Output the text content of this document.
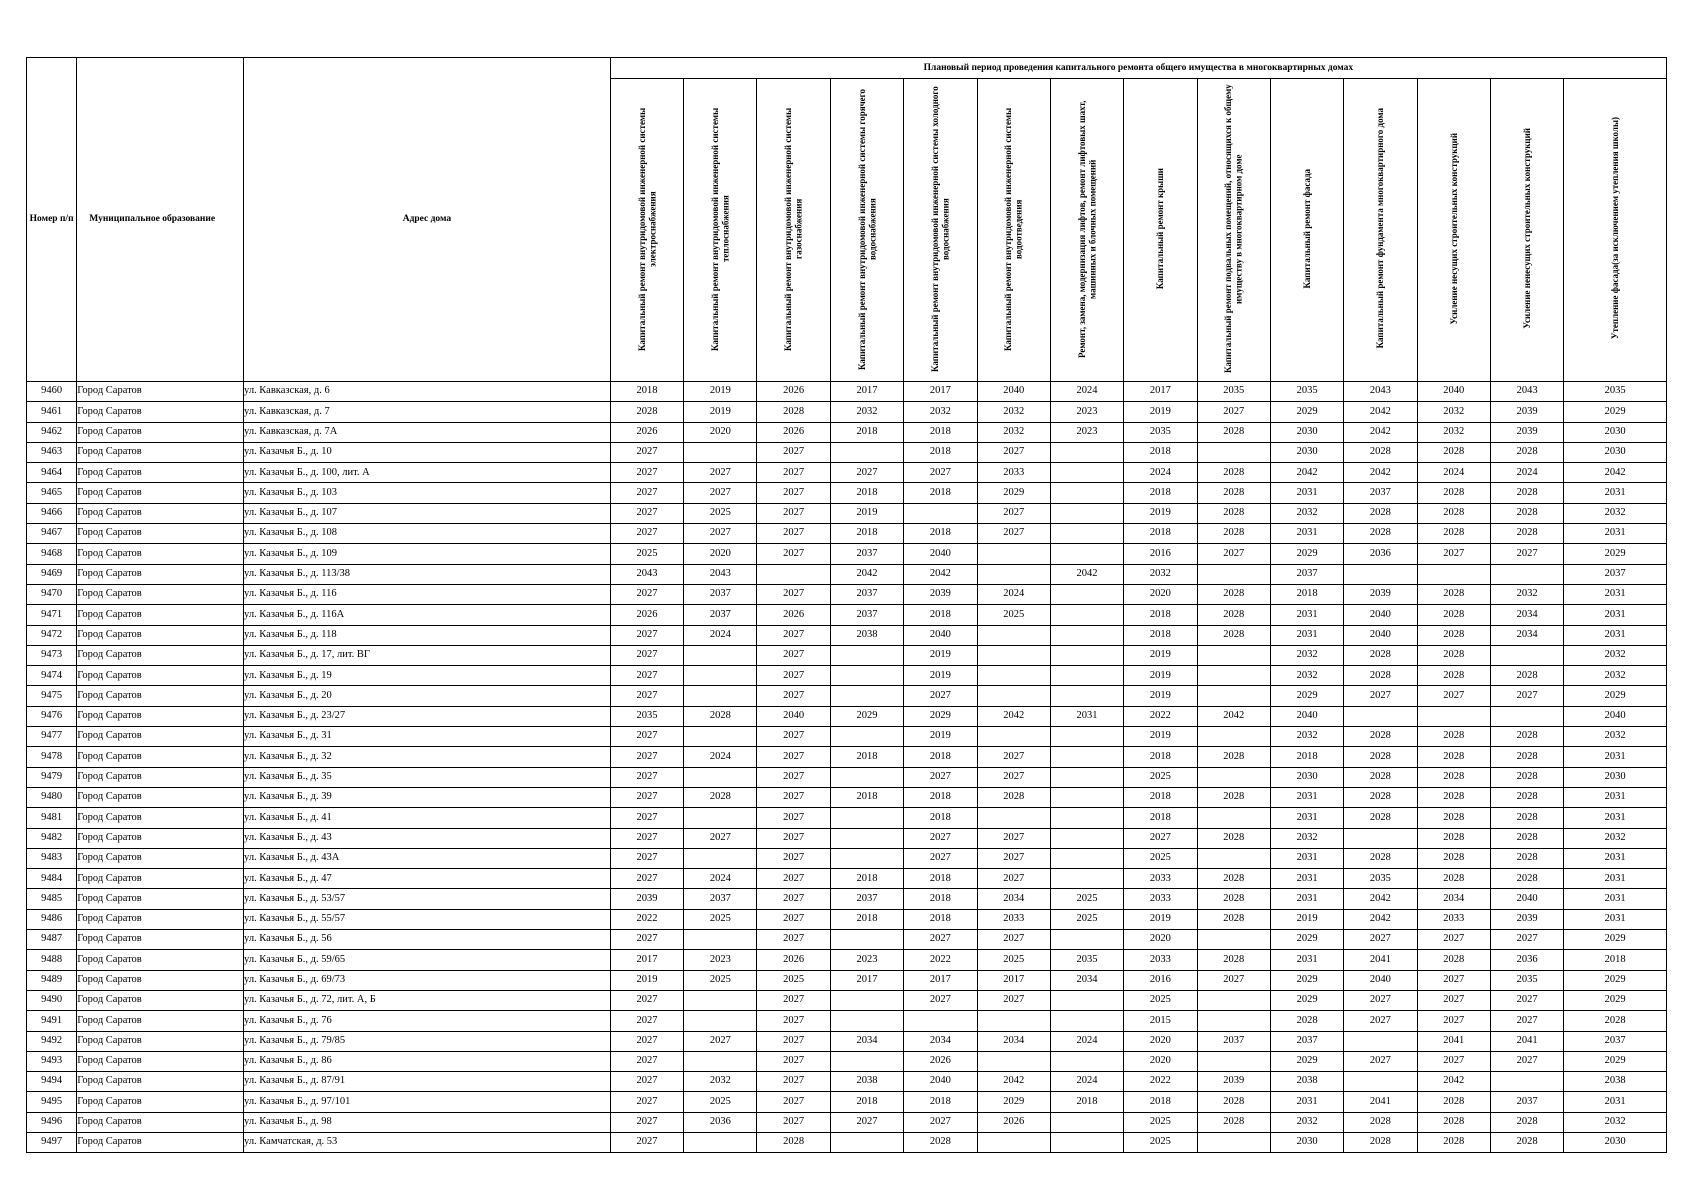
Номер п/п	Муниципальное образование	Адрес дома	Плановый период проведения капитального ремонта общего имущества в многоквартирных домах													
			Капитальный ремонт внутридомовой инженерной системы электроснабжения	Капитальный ремонт внутридомовой инженерной системы теплоснабжения	Капитальный ремонт внутридомовой инженерной системы газоснабжения	Капитальный ремонт внутридомовой инженерной системы горячего водоснабжения	Капитальный ремонт внутридомовой инженерной системы холодного водоснабжения	Капитальный ремонт внутридомовой инженерной системы водоотведения	Ремонт, замена, модернизация лифтов, ремонт лифтовых шахт, машинных и блочных помещений	Капитальный ремонт крыши	Капитальный ремонт подвальных помещений, относящихся к общему имуществу в многоквартирном доме	Капитальный ремонт фасада	Капитальный ремонт фундамента многоквартирного дома	Усиление несущих строительных конструкций	Усиление ненесущих строительных конструкций	Утепление фасада(за исключением утепления школы)
9460	Город Саратов	ул. Кавказская, д. 6	2018	2019	2026	2017	2017	2040	2024	2017	2035	2035	2043	2040	2043	2035
9461	Город Саратов	ул. Кавказская, д. 7	2028	2019	2028	2032	2032	2032	2023	2019	2027	2029	2042	2032	2039	2029
9462	Город Саратов	ул. Кавказская, д. 7А	2026	2020	2026	2018	2018	2032	2023	2035	2028	2030	2042	2032	2039	2030
9463	Город Саратов	ул. Казачья Б., д. 10	2027		2027		2018	2027		2018		2030	2028	2028	2028	2030
9464	Город Саратов	ул. Казачья Б., д. 100, лит. А	2027	2027	2027	2027	2027	2033		2024	2028	2042	2042	2024	2024	2042
9465	Город Саратов	ул. Казачья Б., д. 103	2027	2027	2027	2018	2018	2029		2018	2028	2031	2037	2028	2028	2031
9466	Город Саратов	ул. Казачья Б., д. 107	2027	2025	2027	2019		2027		2019	2028	2032	2028	2028	2028	2032
9467	Город Саратов	ул. Казачья Б., д. 108	2027	2027	2027	2018	2018	2027		2018	2028	2031	2028	2028	2028	2031
9468	Город Саратов	ул. Казачья Б., д. 109	2025	2020	2027	2037	2040			2016	2027	2029	2036	2027	2027	2029
9469	Город Саратов	ул. Казачья Б., д. 113/38	2043	2043		2042	2042		2042	2032		2037				2037
9470	Город Саратов	ул. Казачья Б., д. 116	2027	2037	2027	2037	2039	2024		2020	2028	2018	2039	2028	2032	2031
9471	Город Саратов	ул. Казачья Б., д. 116А	2026	2037	2026	2037	2018	2025		2018	2028	2031	2040	2028	2034	2031
9472	Город Саратов	ул. Казачья Б., д. 118	2027	2024	2027	2038	2040			2018	2028	2031	2040	2028	2034	2031
9473	Город Саратов	ул. Казачья Б., д. 17, лит. ВГ	2027		2027		2019			2019		2032	2028	2028		2032
9474	Город Саратов	ул. Казачья Б., д. 19	2027		2027		2019			2019		2032	2028	2028	2028	2032
9475	Город Саратов	ул. Казачья Б., д. 20	2027		2027		2027			2019		2029	2027	2027	2027	2029
9476	Город Саратов	ул. Казачья Б., д. 23/27	2035	2028	2040	2029	2029	2042	2031	2022	2042	2040				2040
9477	Город Саратов	ул. Казачья Б., д. 31	2027		2027		2019			2019		2032	2028	2028	2028	2032
9478	Город Саратов	ул. Казачья Б., д. 32	2027	2024	2027	2018	2018	2027		2018	2028	2018	2028	2028	2028	2031
9479	Город Саратов	ул. Казачья Б., д. 35	2027		2027		2027	2027		2025		2030	2028	2028	2028	2030
9480	Город Саратов	ул. Казачья Б., д. 39	2027	2028	2027	2018	2018	2028		2018	2028	2031	2028	2028	2028	2031
9481	Город Саратов	ул. Казачья Б., д. 41	2027		2027		2018			2018		2031	2028	2028	2028	2031
9482	Город Саратов	ул. Казачья Б., д. 43	2027	2027	2027		2027	2027		2027	2028	2032		2028	2028	2032
9483	Город Саратов	ул. Казачья Б., д. 43А	2027		2027		2027	2027		2025		2031	2028	2028	2028	2031
9484	Город Саратов	ул. Казачья Б., д. 47	2027	2024	2027	2018	2018	2027		2033	2028	2031	2035	2028	2028	2031
9485	Город Саратов	ул. Казачья Б., д. 53/57	2039	2037	2027	2037	2018	2034	2025	2033	2028	2031	2042	2034	2040	2031
9486	Город Саратов	ул. Казачья Б., д. 55/57	2022	2025	2027	2018	2018	2033	2025	2019	2028	2019	2042	2033	2039	2031
9487	Город Саратов	ул. Казачья Б., д. 56	2027		2027		2027	2027		2020		2029	2027	2027	2027	2029
9488	Город Саратов	ул. Казачья Б., д. 59/65	2017	2023	2026	2023	2022	2025	2035	2033	2028	2031	2041	2028	2036	2018
9489	Город Саратов	ул. Казачья Б., д. 69/73	2019	2025	2025	2017	2017	2017	2034	2016	2027	2029	2040	2027	2035	2029
9490	Город Саратов	ул. Казачья Б., д. 72, лит. А, Б	2027		2027		2027	2027		2025		2029	2027	2027	2027	2029
9491	Город Саратов	ул. Казачья Б., д. 76	2027		2027					2015		2028	2027	2027	2027	2028
9492	Город Саратов	ул. Казачья Б., д. 79/85	2027	2027	2027	2034	2034	2034	2024	2020	2037	2037		2041	2041	2037
9493	Город Саратов	ул. Казачья Б., д. 86	2027		2027		2026			2020		2029	2027	2027	2027	2029
9494	Город Саратов	ул. Казачья Б., д. 87/91	2027	2032	2027	2038	2040	2042	2024	2022	2039	2038		2042		2038
9495	Город Саратов	ул. Казачья Б., д. 97/101	2027	2025	2027	2018	2018	2029	2018	2018	2028	2031	2041	2028	2037	2031
9496	Город Саратов	ул. Казачья Б., д. 98	2027	2036	2027	2027	2027	2026		2025	2028	2032	2028	2028	2028	2032
9497	Город Саратов	ул. Камчатская, д. 53	2027		2028		2028			2025		2030	2028	2028	2028	2030
